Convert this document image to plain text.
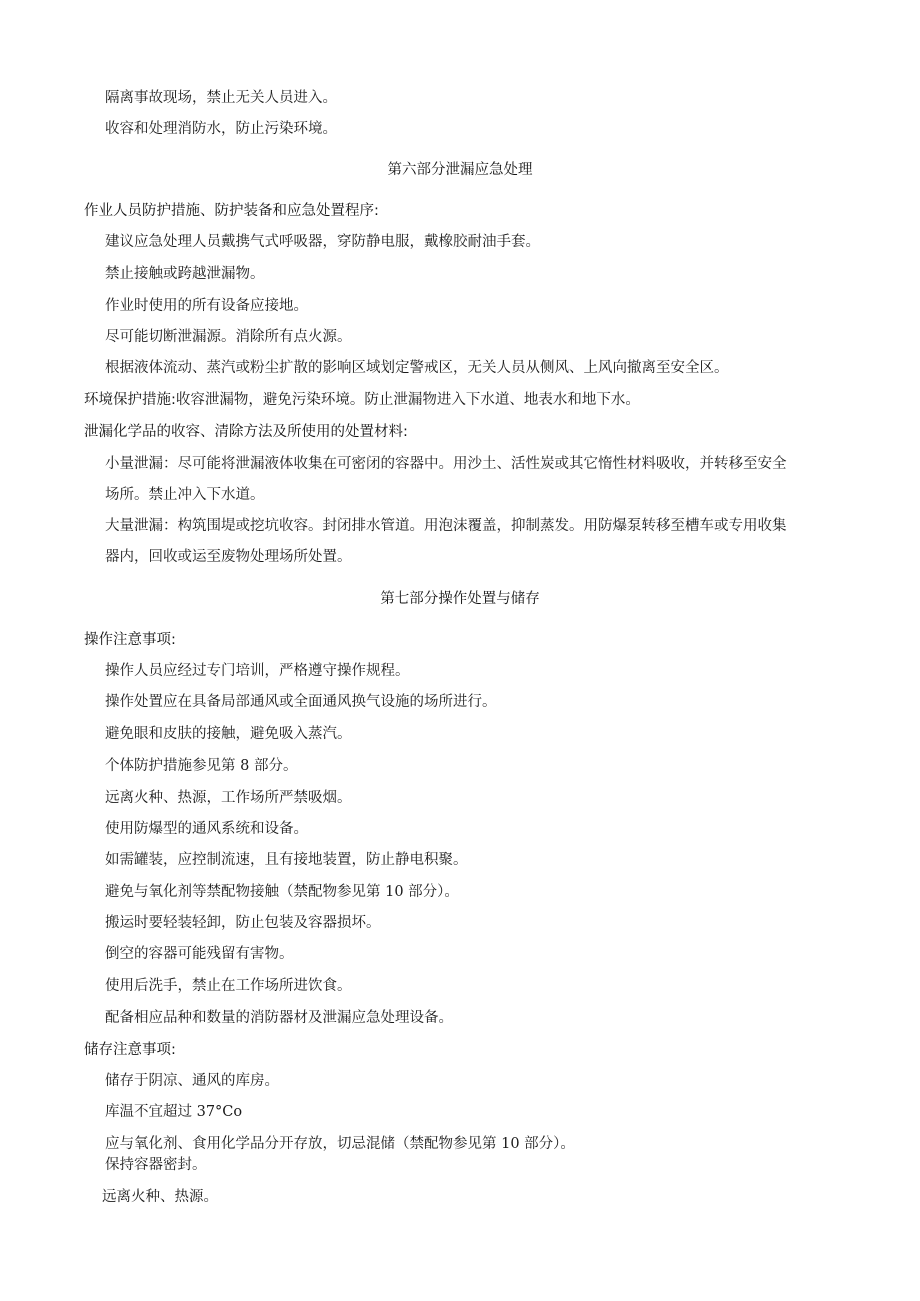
隔离事故现场，禁止无关人员进入。
收容和处理消防水，防止污染环境。
第六部分泄漏应急处理
作业人员防护措施、防护装备和应急处置程序:
建议应急处理人员戴携气式呼吸器，穿防静电服，戴橡胶耐油手套。
禁止接触或跨越泄漏物。
作业时使用的所有设备应接地。
尽可能切断泄漏源。消除所有点火源。
根据液体流动、蒸汽或粉尘扩散的影响区域划定警戒区，无关人员从侧风、上风向撤离至安全区。
环境保护措施:收容泄漏物，避免污染环境。防止泄漏物进入下水道、地表水和地下水。
泄漏化学品的收容、清除方法及所使用的处置材料:
小量泄漏：尽可能将泄漏液体收集在可密闭的容器中。用沙土、活性炭或其它惰性材料吸收，并转移至安全
场所。禁止冲入下水道。
大量泄漏：构筑围堤或挖坑收容。封闭排水管道。用泡沫覆盖，抑制蒸发。用防爆泵转移至槽车或专用收集
器内，回收或运至废物处理场所处置。
第七部分操作处置与储存
操作注意事项:
操作人员应经过专门培训，严格遵守操作规程。
操作处置应在具备局部通风或全面通风换气设施的场所进行。
避免眼和皮肤的接触，避免吸入蒸汽。
个体防护措施参见第 8 部分。
远离火种、热源，工作场所严禁吸烟。
使用防爆型的通风系统和设备。
如需罐装，应控制流速，且有接地装置，防止静电积聚。
避免与氧化剂等禁配物接触（禁配物参见第 10 部分）。
搬运时要轻装轻卸，防止包装及容器损坏。
倒空的容器可能残留有害物。
使用后洗手，禁止在工作场所进饮食。
配备相应品种和数量的消防器材及泄漏应急处理设备。
储存注意事项:
储存于阴凉、通风的库房。
库温不宜超过 37°Co
应与氧化剂、食用化学品分开存放，切忌混储（禁配物参见第 10 部分）。
保持容器密封。
远离火种、热源。
